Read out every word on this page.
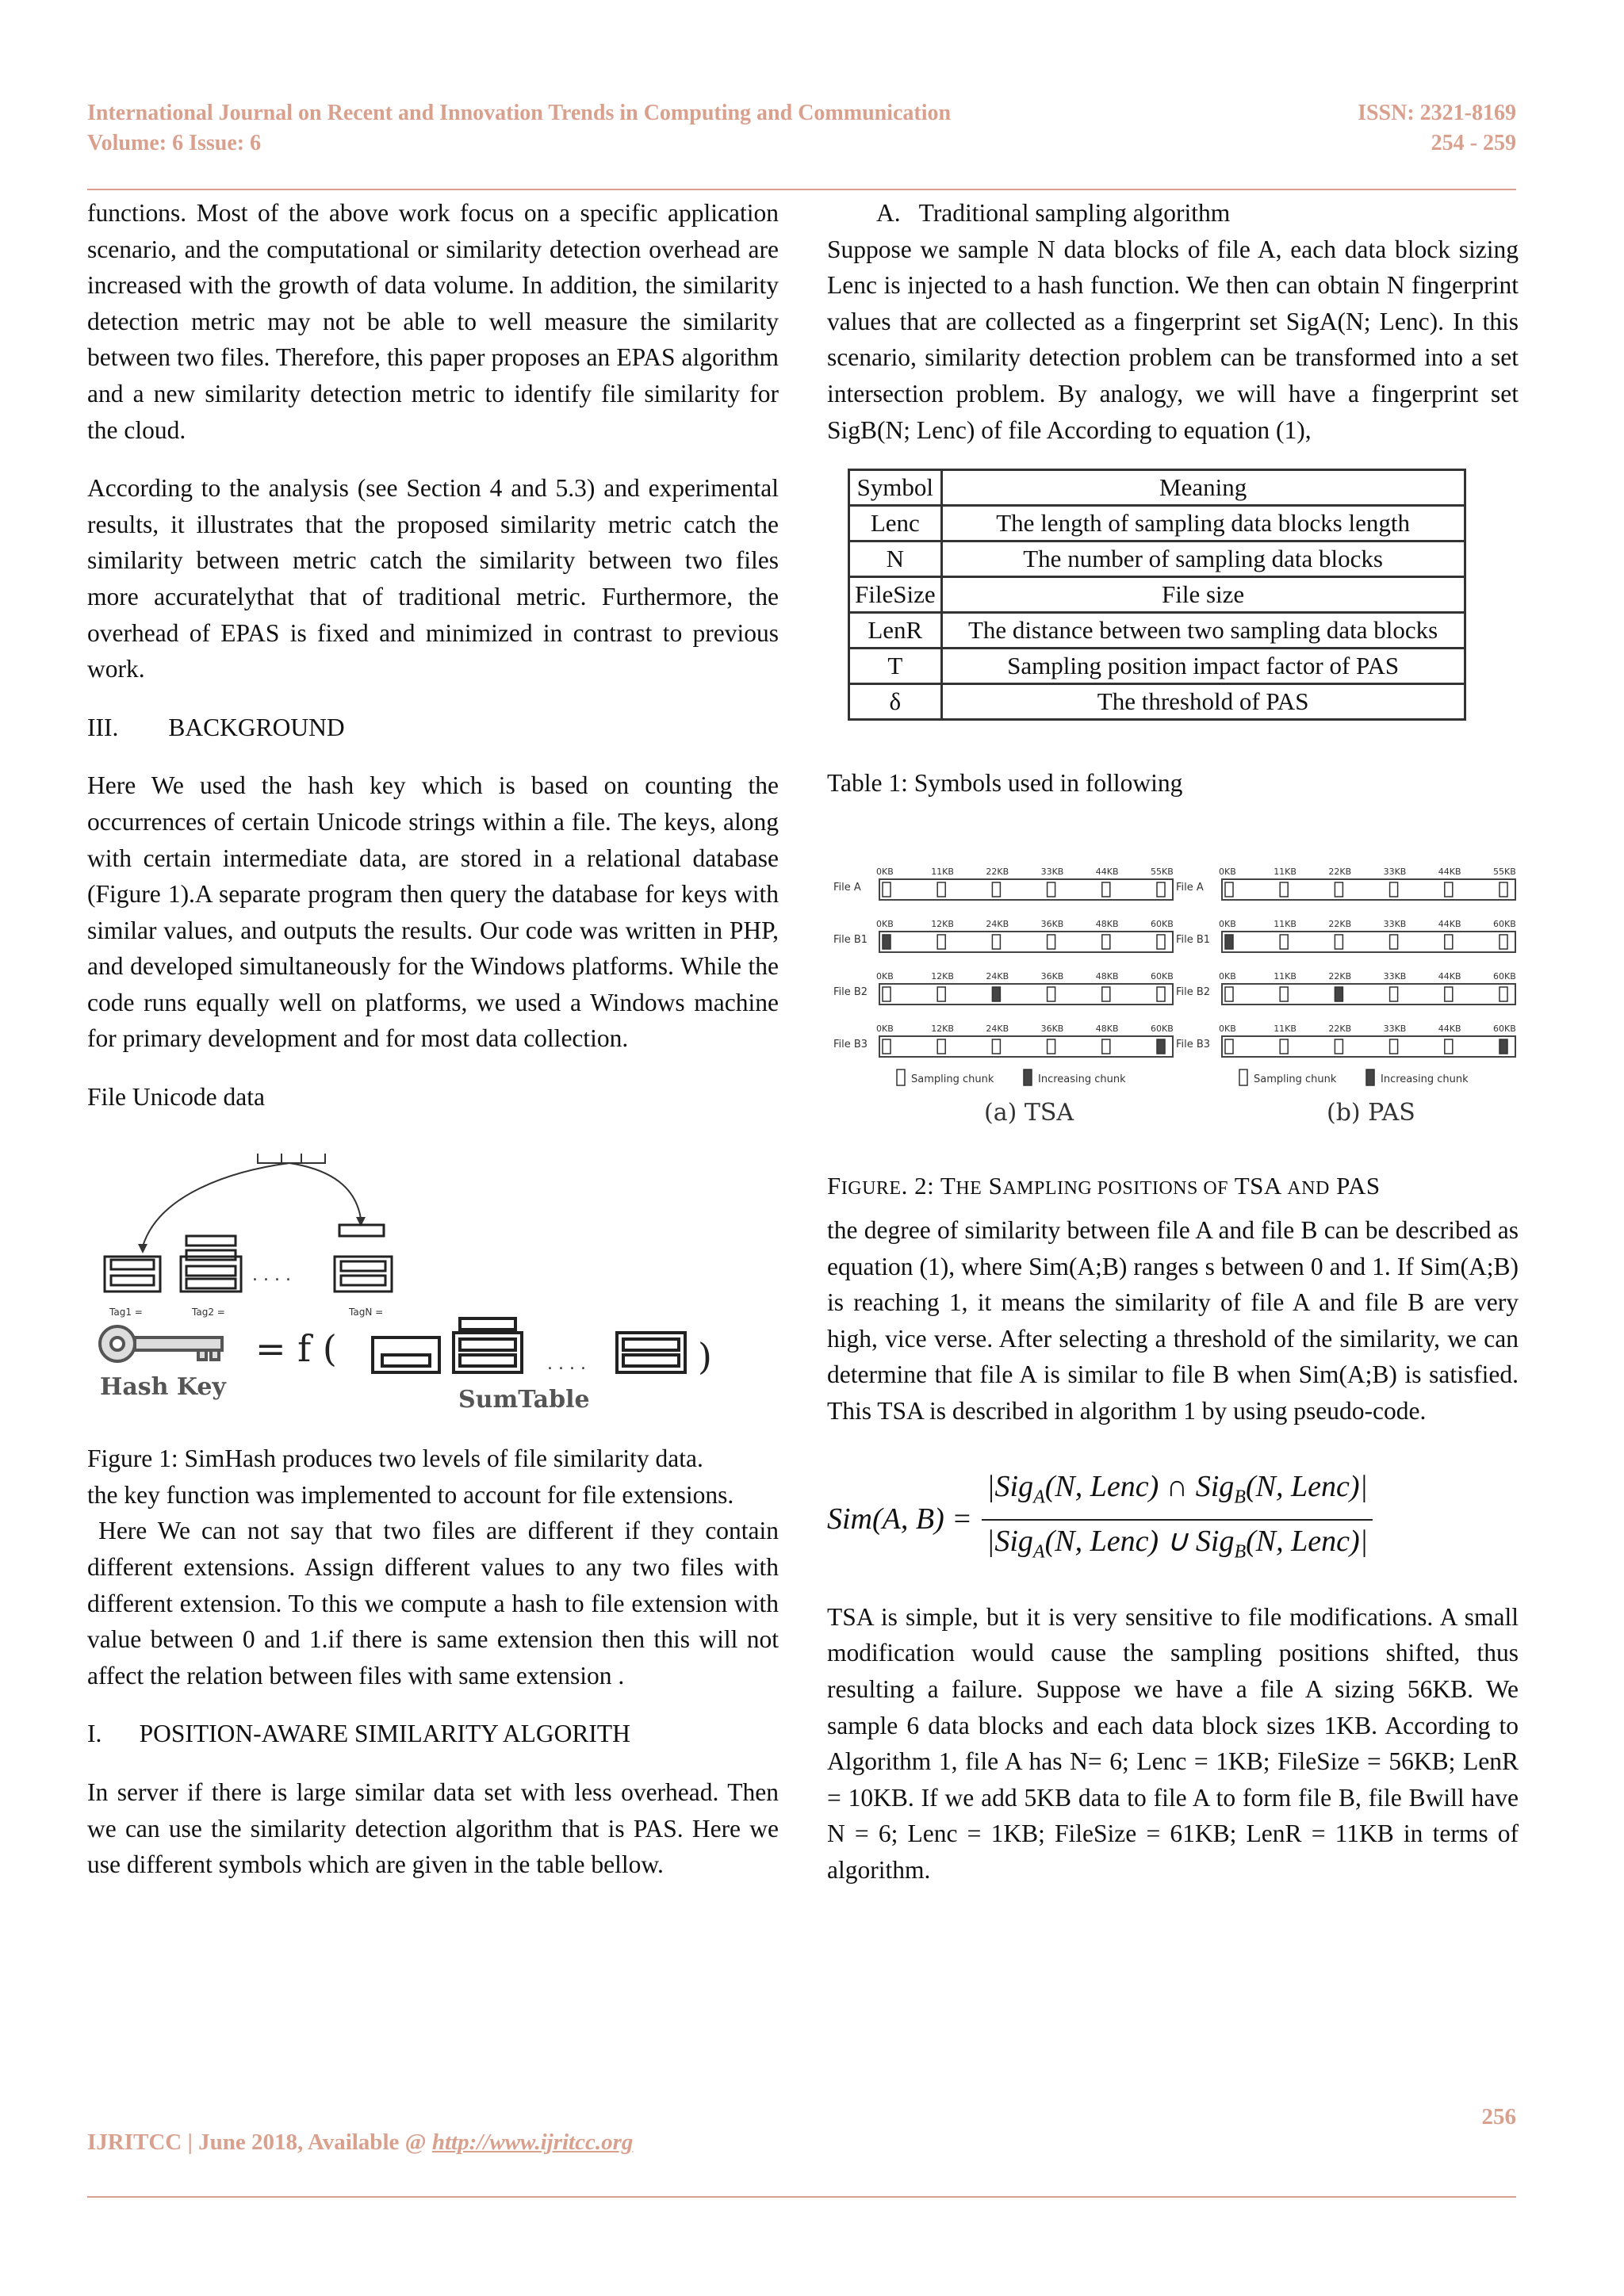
International Journal on Recent and Innovation Trends in Computing and Communication
Volume: 6 Issue: 6
ISSN: 2321-8169
254 - 259

functions. Most of the above work focus on a specific application scenario, and the computational or similarity detection overhead are increased with the growth of data volume. In addition, the similarity detection metric may not be able to well measure the similarity between two files. Therefore, this paper proposes an EPAS algorithm and a new similarity detection metric to identify file similarity for the cloud.

According to the analysis (see Section 4 and 5.3) and experimental results, it illustrates that the proposed similarity metric catch the similarity between metric catch the similarity between two files more accuratelythat that of traditional metric. Furthermore, the overhead of EPAS is fixed and minimized in contrast to previous work.

III.        BACKGROUND

Here We used the hash key which is based on counting the occurrences of certain Unicode strings within a file. The keys, along with certain intermediate data, are stored in a relational database (Figure 1).A separate program then query the database for keys with similar values, and outputs the results. Our code was written in PHP, and developed simultaneously for the Windows platforms. While the code runs equally well on platforms, we used a Windows machine for primary development and for most data collection.

File Unicode data

. . . .
Tag1 =	Tag2 =	TagN =
Hash Key
= f (	. . . .	)
SumTable

Figure 1: SimHash produces two levels of file similarity data.

the key function was implemented to account for file extensions.

Here We can not say that two files are different if they contain different extensions. Assign different values to any two files with different extension. To this we compute a hash to file extension with value between 0 and 1.if there is same extension then this will not affect the relation between files with same extension .

I.      POSITION-AWARE SIMILARITY ALGORITH

In server if there is large similar data set with less overhead. Then we can use the similarity detection algorithm that is PAS. Here we use different symbols which are given in the table bellow.

A.   Traditional sampling algorithm

Suppose we sample N data blocks of file A, each data block sizing Lenc is injected to a hash function. We then can obtain N fingerprint values that are collected as a fingerprint set SigA(N; Lenc). In this scenario, similarity detection problem can be transformed into a set intersection problem. By analogy, we will have a fingerprint set SigB(N; Lenc) of file According to equation (1),

Symbol	Meaning
Lenc	The length of sampling data blocks length
N	The number of sampling data blocks
FileSize	File size
LenR	The distance between two sampling data blocks
T	Sampling position impact factor of PAS
δ	The threshold of PAS

Table 1: Symbols used in following

File A
0KB	11KB	22KB	33KB	44KB	55KB
File B1
0KB	12KB	24KB	36KB	48KB	60KB
File B2
0KB	12KB	24KB	36KB	48KB	60KB
File B3
0KB	12KB	24KB	36KB	48KB	60KB
Sampling chunk	Increasing chunk
(a) TSA
File A
0KB	11KB	22KB	33KB	44KB	55KB
File B1
0KB	11KB	22KB	33KB	44KB	60KB
File B2
0KB	11KB	22KB	33KB	44KB	60KB
File B3
0KB	11KB	22KB	33KB	44KB	60KB
Sampling chunk	Increasing chunk
(b) PAS

FIGURE. 2: THE SAMPLING POSITIONS OF TSA AND PAS

the degree of similarity between file A and file B can be described as equation (1), where Sim(A;B) ranges s between 0 and 1. If Sim(A;B) is reaching 1, it means the similarity of file A and file B are very high, vice verse. After selecting a threshold of the similarity, we can determine that file A is similar to file B when Sim(A;B) is satisfied. This TSA is described in algorithm 1 by using pseudo-code.

Sim(A, $B) = \frac{|Sig_A(N, Lenc) \cap Sig_B(N, Lenc)|}{|Sig_A(N, Lenc) \cup Sig_B(N, Lenc)|}$

TSA is simple, but it is very sensitive to file modifications. A small modification would cause the sampling positions shifted, thus resulting a failure. Suppose we have a file A sizing 56KB. We sample 6 data blocks and each data block sizes 1KB. According to Algorithm 1, file A has N= 6; Lenc = 1KB; FileSize = 56KB; LenR = 10KB. If we add 5KB data to file A to form file B, file Bwill have N = 6; Lenc = 1KB; FileSize = 61KB; LenR = 11KB in terms of algorithm.

256
IJRITCC | June 2018, Available @ http://www.ijritcc.org
